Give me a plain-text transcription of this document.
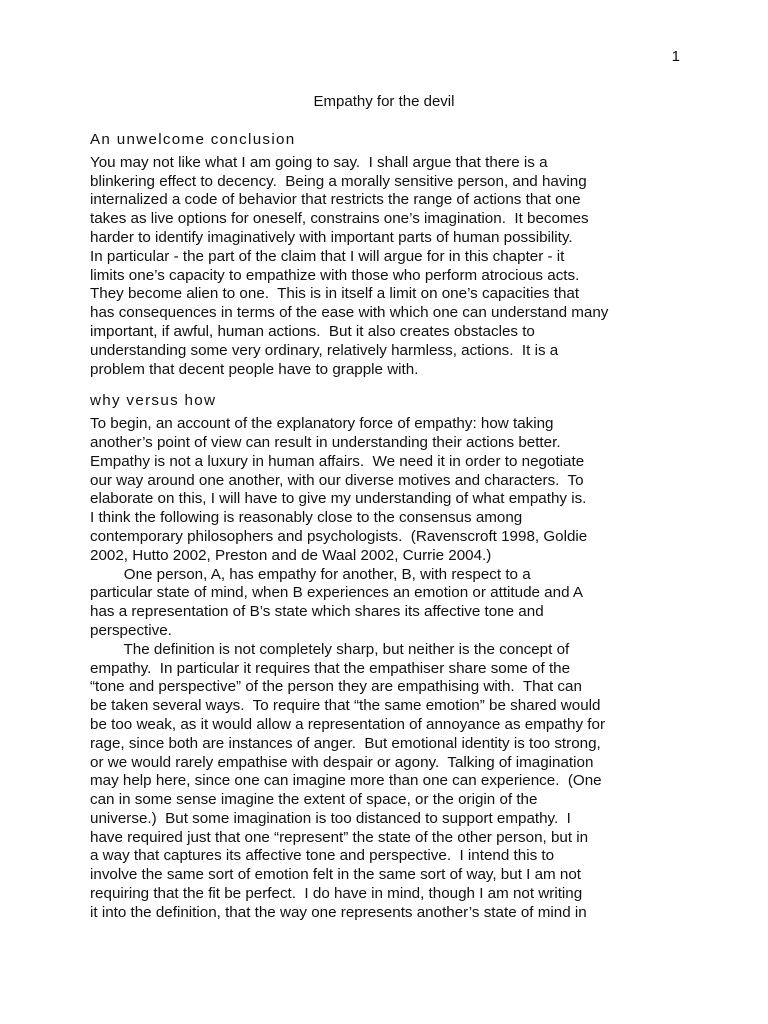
1
Empathy for the devil

An unwelcome conclusion

You may not like what I am going to say.  I shall argue that there is a

blinkering effect to decency.  Being a morally sensitive person, and having

internalized a code of behavior that restricts the range of actions that one

takes as live options for oneself, constrains one’s imagination.  It becomes

harder to identify imaginatively with important parts of human possibility.

In particular - the part of the claim that I will argue for in this chapter - it

limits one’s capacity to empathize with those who perform atrocious acts.

They become alien to one.  This is in itself a limit on one’s capacities that

has consequences in terms of the ease with which one can understand many

important, if awful, human actions.  But it also creates obstacles to

understanding some very ordinary, relatively harmless, actions.  It is a

problem that decent people have to grapple with.

why versus how

To begin, an account of the explanatory force of empathy: how taking

another’s point of view can result in understanding their actions better.

Empathy is not a luxury in human affairs.  We need it in order to negotiate

our way around one another, with our diverse motives and characters.  To

elaborate on this, I will have to give my understanding of what empathy is.

I think the following is reasonably close to the consensus among

contemporary philosophers and psychologists.  (Ravenscroft 1998, Goldie

2002, Hutto 2002, Preston and de Waal 2002, Currie 2004.)

One person, A, has empathy for another, B, with respect to a

particular state of mind, when B experiences an emotion or attitude and A

has a representation of B’s state which shares its affective tone and

perspective.

The definition is not completely sharp, but neither is the concept of

empathy.  In particular it requires that the empathiser share some of the

“tone and perspective” of the person they are empathising with.  That can

be taken several ways.  To require that “the same emotion” be shared would

be too weak, as it would allow a representation of annoyance as empathy for

rage, since both are instances of anger.  But emotional identity is too strong,

or we would rarely empathise with despair or agony.  Talking of imagination

may help here, since one can imagine more than one can experience.  (One

can in some sense imagine the extent of space, or the origin of the

universe.)  But some imagination is too distanced to support empathy.  I

have required just that one “represent” the state of the other person, but in

a way that captures its affective tone and perspective.  I intend this to

involve the same sort of emotion felt in the same sort of way, but I am not

requiring that the fit be perfect.  I do have in mind, though I am not writing

it into the definition, that the way one represents another’s state of mind in
